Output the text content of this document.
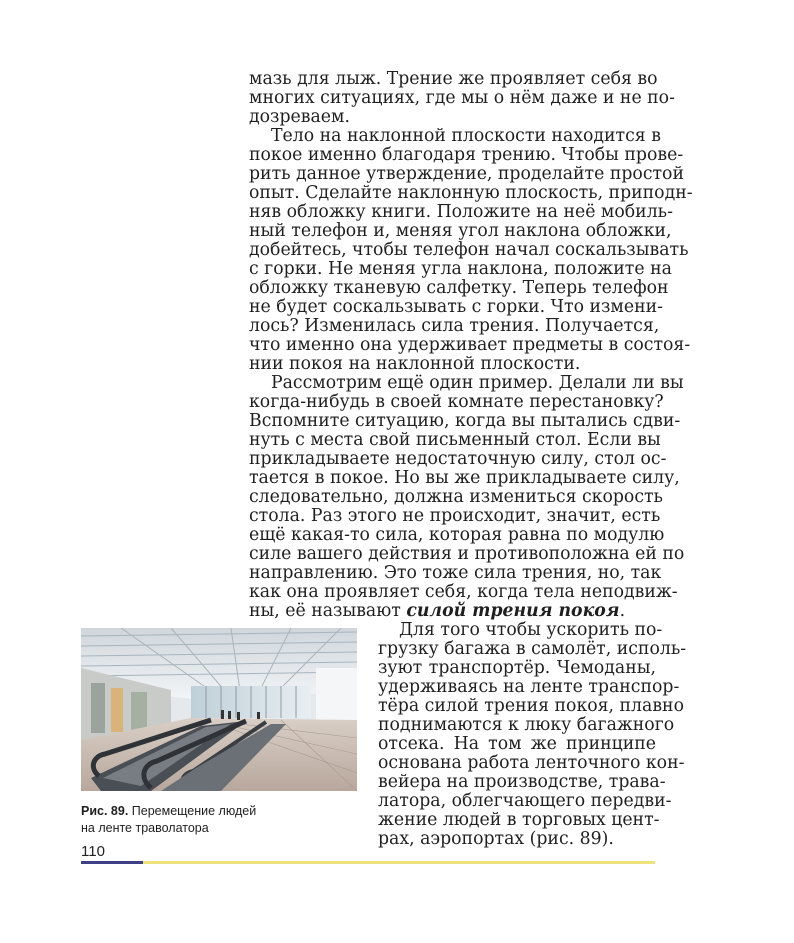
мазь для лыж. Трение же проявляет себя во
многих ситуациях, где мы о нём даже и не по-
дозреваем.
Тело на наклонной плоскости находится в
покое именно благодаря трению. Чтобы прове-
рить данное утверждение, проделайте простой
опыт. Сделайте наклонную плоскость, приподн-
няв обложку книги. Положите на неё мобиль-
ный телефон и, меняя угол наклона обложки,
добейтесь, чтобы телефон начал соскальзывать
с горки. Не меняя угла наклона, положите на
обложку тканевую салфетку. Теперь телефон
не будет соскальзывать с горки. Что измени-
лось? Изменилась сила трения. Получается,
что именно она удерживает предметы в состоя-
нии покоя на наклонной плоскости.
Рассмотрим ещё один пример. Делали ли вы
когда-нибудь в своей комнате перестановку?
Вспомните ситуацию, когда вы пытались сдви-
нуть с места свой письменный стол. Если вы
прикладываете недостаточную силу, стол ос-
тается в покое. Но вы же прикладываете силу,
следовательно, должна измениться скорость
стола. Раз этого не происходит, значит, есть
ещё какая-то сила, которая равна по модулю
силе вашего действия и противоположна ей по
направлению. Это тоже сила трения, но, так
как она проявляет себя, когда тела неподвиж-
ны, её называют силой трения покоя.
Для того чтобы ускорить по-
грузку багажа в самолёт, исполь-
зуют транспортёр. Чемоданы,
удерживаясь на ленте транспор-
тёра силой трения покоя, плавно
поднимаются к люку багажного
отсека. На том же принципе
основана работа ленточного кон-
вейера на производстве, трава-
латора, облегчающего передви-
жение людей в торговых цент-
рах, аэропортах (рис. 89).
Рис. 89. Перемещение людей
на ленте траволатора
110
